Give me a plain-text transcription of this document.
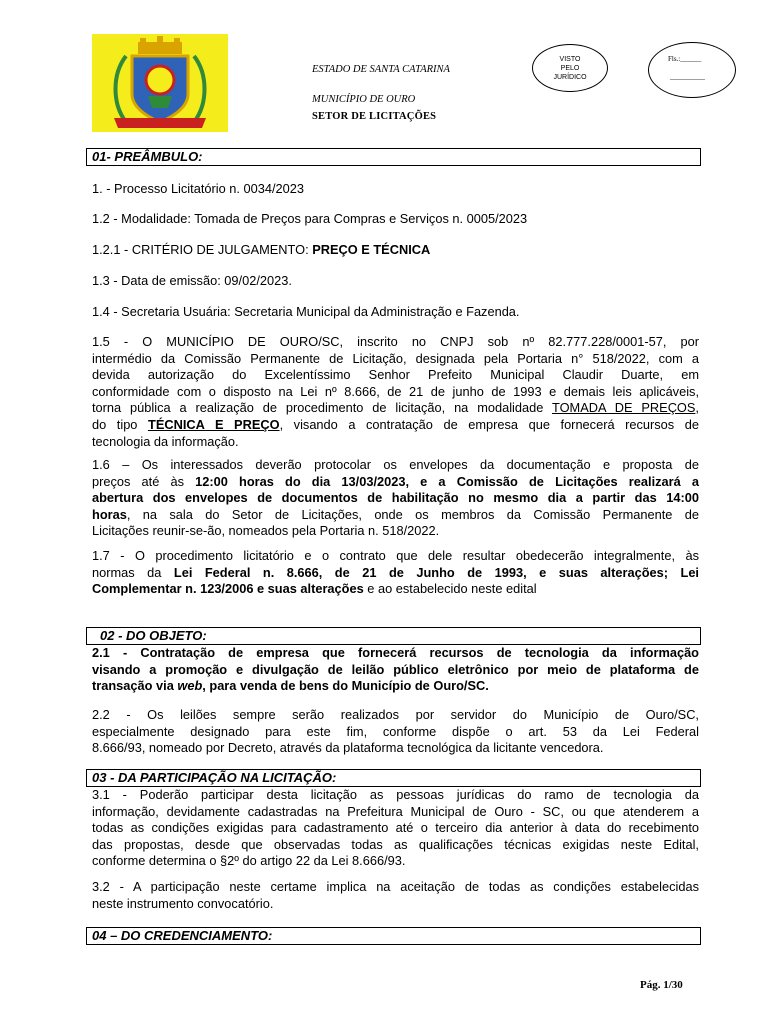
ESTADO DE SANTA CATARINA
MUNICÍPIO DE OURO
SETOR DE LICITAÇÕES
VISTO
PELO
JURÍDICO
Fls.:______
__________
01- PREÂMBULO:
1. - Processo Licitatório n. 0034/2023
1.2 - Modalidade: Tomada de Preços para Compras e Serviços n. 0005/2023
1.2.1 - CRITÉRIO DE JULGAMENTO: PREÇO E TÉCNICA
1.3 - Data de emissão: 09/02/2023.
1.4 - Secretaria Usuária: Secretaria Municipal da Administração e Fazenda.
1.5 - O MUNICÍPIO DE OURO/SC, inscrito no CNPJ sob nº 82.777.228/0001-57, por
intermédio da Comissão Permanente de Licitação, designada pela Portaria n° 518/2022, com a
devida autorização do Excelentíssimo Senhor Prefeito Municipal Claudir Duarte, em
conformidade com o disposto na Lei nº 8.666, de 21 de junho de 1993 e demais leis aplicáveis,
torna pública a realização de procedimento de licitação, na modalidade TOMADA DE PREÇOS,
do tipo TÉCNICA E PREÇO, visando a contratação de empresa que fornecerá recursos de
tecnologia da informação.
1.6 – Os interessados deverão protocolar os envelopes da documentação e proposta de
preços até às 12:00 horas do dia 13/03/2023, e a Comissão de Licitações realizará a
abertura dos envelopes de documentos de habilitação no mesmo dia a partir das 14:00
horas, na sala do Setor de Licitações, onde os membros da Comissão Permanente de
Licitações reunir-se-ão, nomeados pela Portaria n. 518/2022.
1.7 - O procedimento licitatório e o contrato que dele resultar obedecerão integralmente, às
normas da Lei Federal n. 8.666, de 21 de Junho de 1993, e suas alterações; Lei
Complementar n. 123/2006 e suas alterações e ao estabelecido neste edital
02 - DO OBJETO:
2.1 - Contratação de empresa que fornecerá recursos de tecnologia da informação
visando a promoção e divulgação de leilão público eletrônico por meio de plataforma de
transação via web, para venda de bens do Município de Ouro/SC.
2.2 - Os leilões sempre serão realizados por servidor do Município de Ouro/SC,
especialmente designado para este fim, conforme dispõe o art. 53 da Lei Federal
8.666/93, nomeado por Decreto, através da plataforma tecnológica da licitante vencedora.
03 - DA PARTICIPAÇÃO NA LICITAÇÃO:
3.1 - Poderão participar desta licitação as pessoas jurídicas do ramo de tecnologia da
informação, devidamente cadastradas na Prefeitura Municipal de Ouro - SC, ou que atenderem a
todas as condições exigidas para cadastramento até o terceiro dia anterior à data do recebimento
das propostas, desde que observadas todas as qualificações técnicas exigidas neste Edital,
conforme determina o §2º do artigo 22 da Lei 8.666/93.
3.2 - A participação neste certame implica na aceitação de todas as condições estabelecidas
neste instrumento convocatório.
04 – DO CREDENCIAMENTO:
Pág. 1/30
